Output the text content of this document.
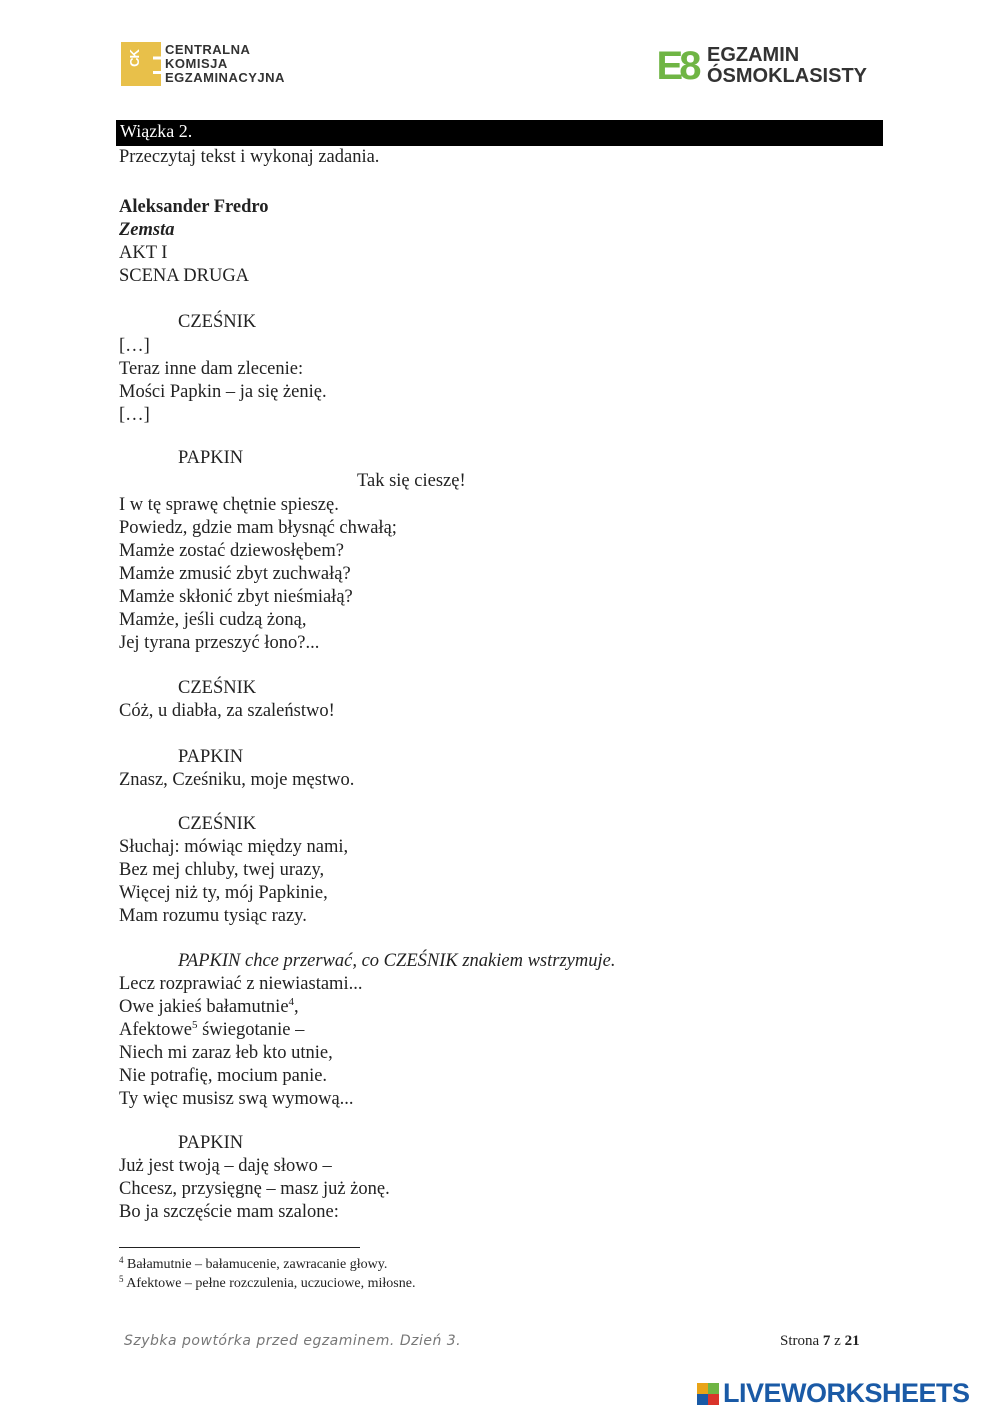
CK
CENTRALNA
KOMISJA
EGZAMINACYJNA	E8 EGZAMIN
ÓSMOKLASISTY
Wiązka 2.
Przeczytaj tekst i wykonaj zadania.
Aleksander Fredro
Zemsta
AKT I
SCENA DRUGA
CZEŚNIK
[…]
Teraz inne dam zlecenie:
Mości Papkin – ja się żenię.
[…]
PAPKIN
Tak się cieszę!
I w tę sprawę chętnie spieszę.
Powiedz, gdzie mam błysnąć chwałą;
Mamże zostać dziewosłębem?
Mamże zmusić zbyt zuchwałą?
Mamże skłonić zbyt nieśmiałą?
Mamże, jeśli cudzą żoną,
Jej tyrana przeszyć łono?...
CZEŚNIK
Cóż, u diabła, za szaleństwo!
PAPKIN
Znasz, Cześniku, moje męstwo.
CZEŚNIK
Słuchaj: mówiąc między nami,
Bez mej chluby, twej urazy,
Więcej niż ty, mój Papkinie,
Mam rozumu tysiąc razy.
PAPKIN chce przerwać, co CZEŚNIK znakiem wstrzymuje.
Lecz rozprawiać z niewiastami...
Owe jakieś bałamutnie$^4$,
Afektowe$^5$ świegotanie –
Niech mi zaraz łeb kto utnie,
Nie potrafię, mocium panie.
Ty więc musisz swą wymową...
PAPKIN
Już jest twoją – daję słowo –
Chcesz, przysięgnę – masz już żonę.
Bo ja szczęście mam szalone:
$^4$ Bałamutnie – bałamucenie, zawracanie głowy.
$^5$ Afektowe – pełne rozczulenia, uczuciowe, miłosne.
Szybka powtórka przed egzaminem. Dzień 3.	Strona 7 z 21
LIVEWORKSHEETS
